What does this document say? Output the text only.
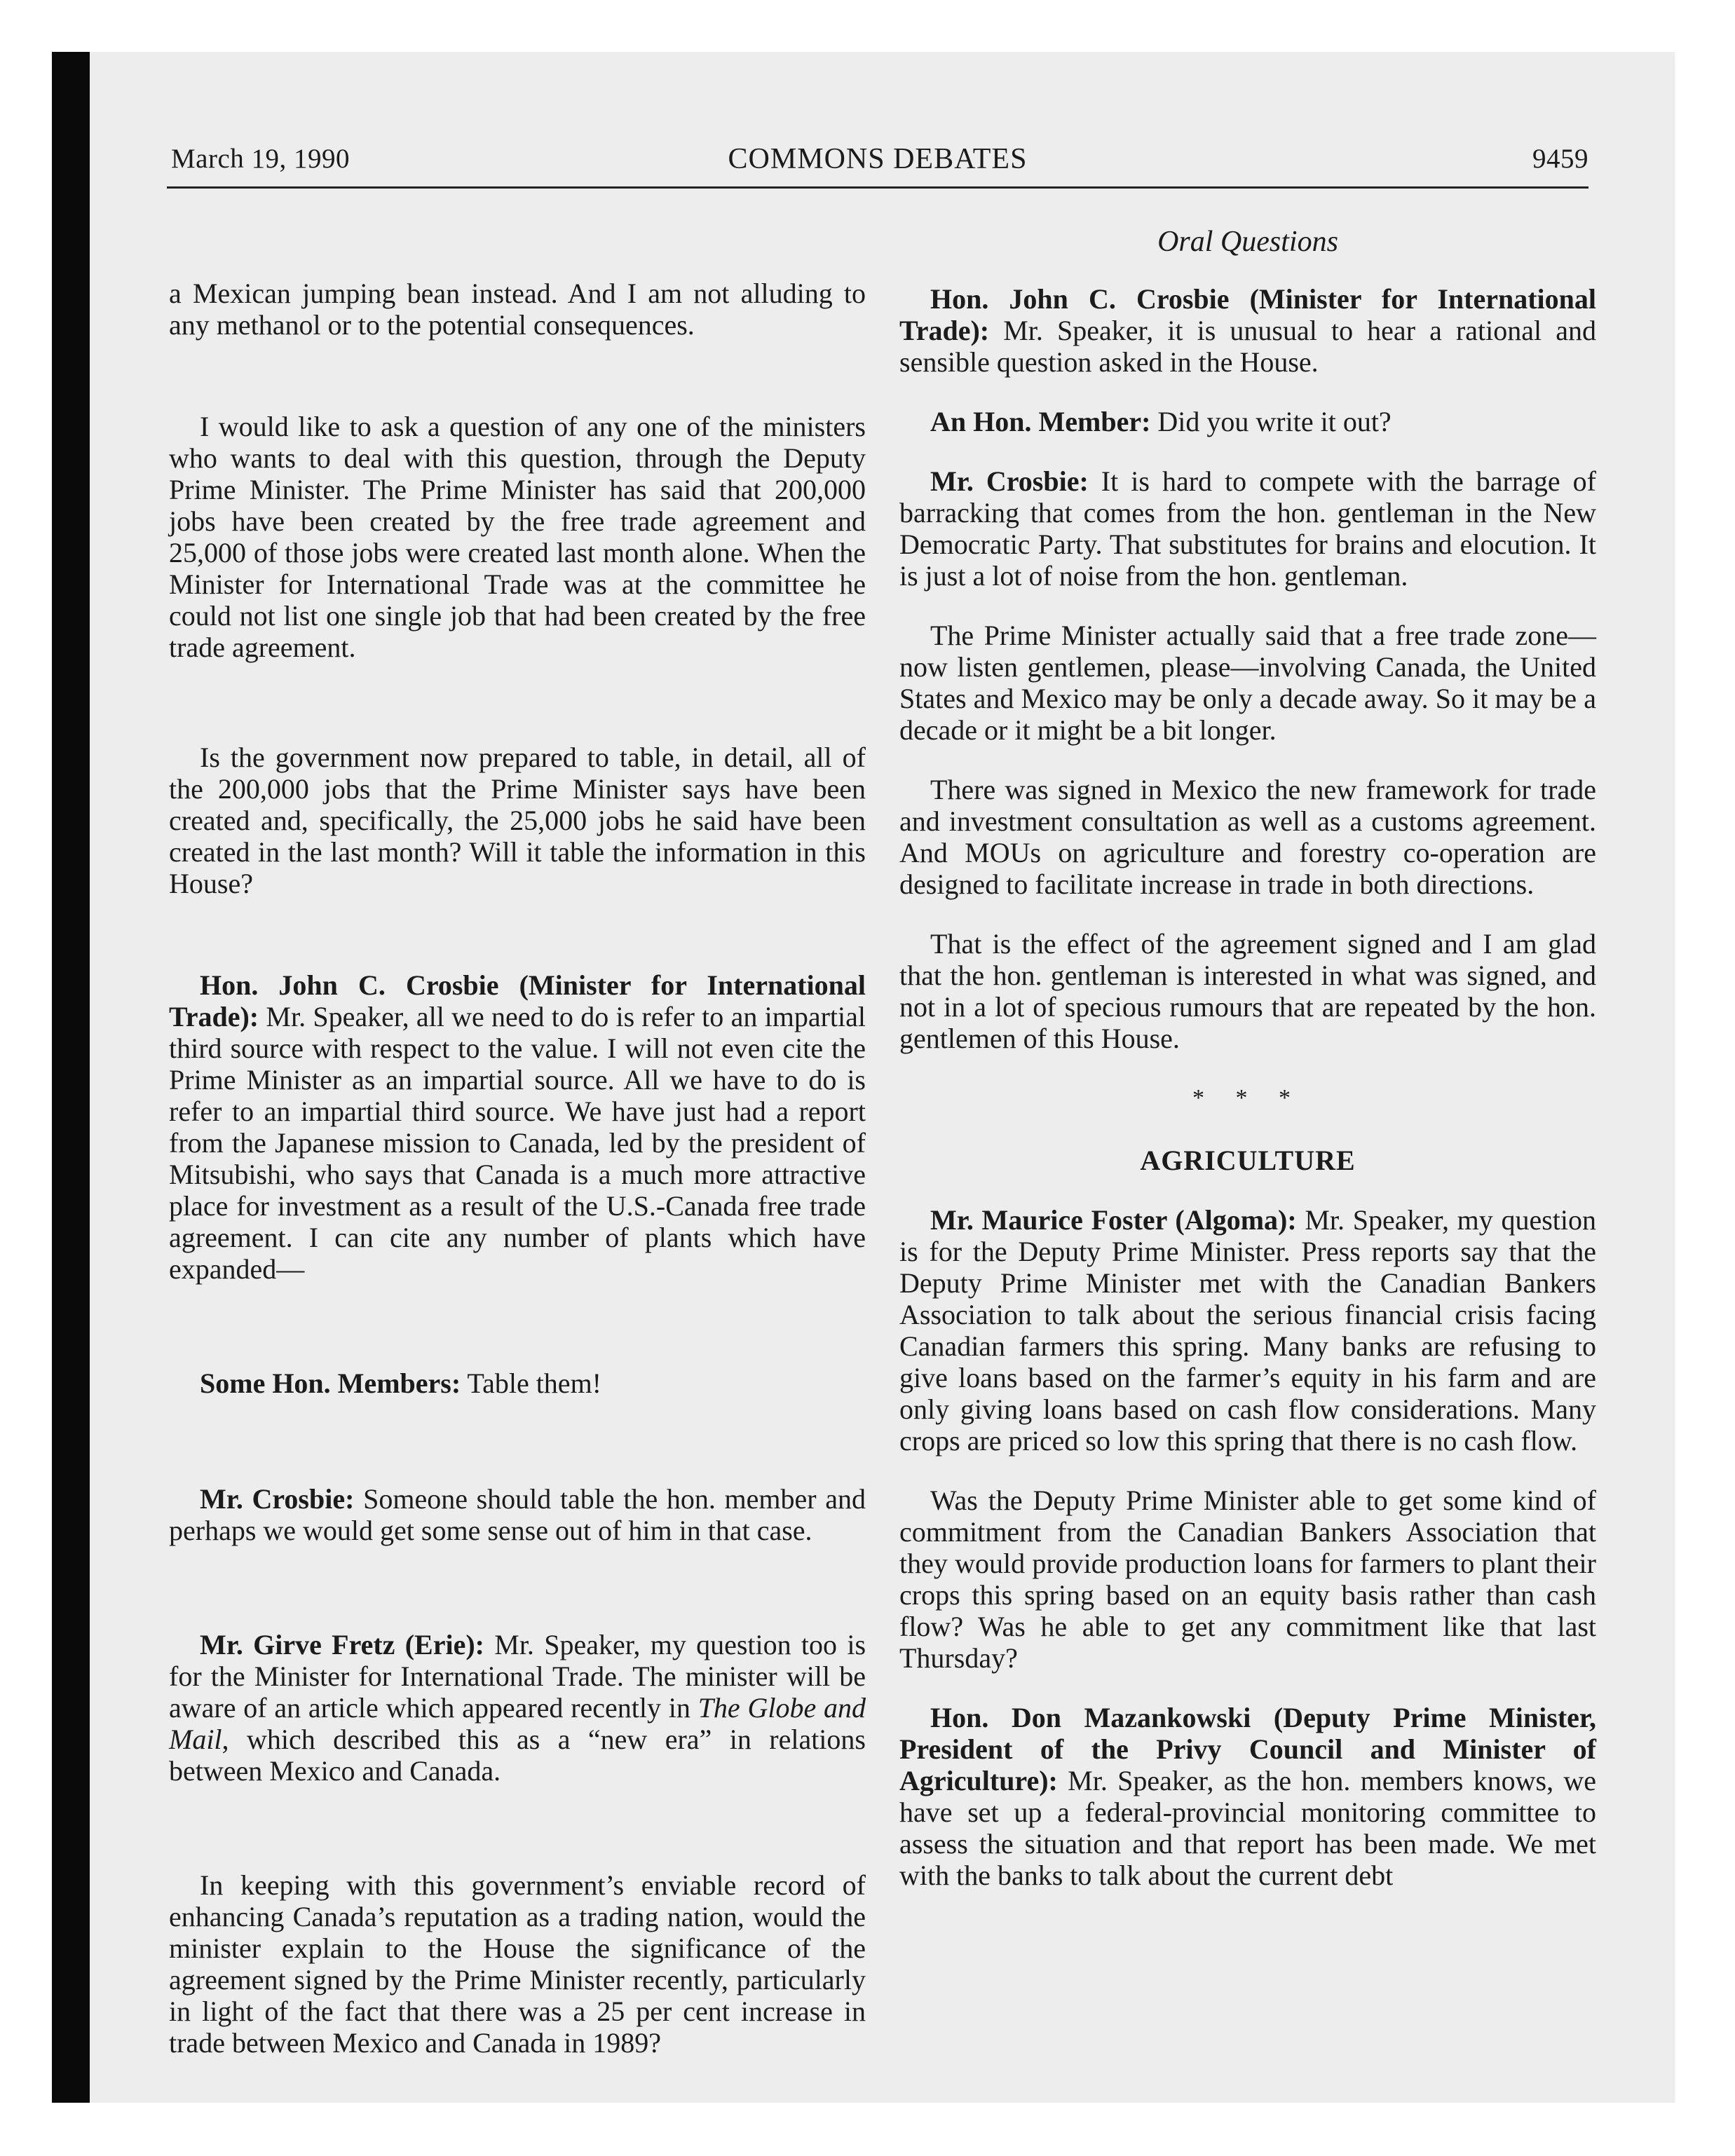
COMMONS DEBATES
March 19, 1990	9459

a Mexican jumping bean instead. And I am not alluding to any methanol or to the potential consequences.

I would like to ask a question of any one of the ministers who wants to deal with this question, through the Deputy Prime Minister. The Prime Minister has said that 200,000 jobs have been created by the free trade agreement and 25,000 of those jobs were created last month alone. When the Minister for International Trade was at the committee he could not list one single job that had been created by the free trade agreement.

Is the government now prepared to table, in detail, all of the 200,000 jobs that the Prime Minister says have been created and, specifically, the 25,000 jobs he said have been created in the last month? Will it table the information in this House?

Hon. John C. Crosbie (Minister for International Trade): Mr. Speaker, all we need to do is refer to an impartial third source with respect to the value. I will not even cite the Prime Minister as an impartial source. All we have to do is refer to an impartial third source. We have just had a report from the Japanese mission to Canada, led by the president of Mitsubishi, who says that Canada is a much more attractive place for investment as a result of the U.S.-Canada free trade agreement. I can cite any number of plants which have expanded—

Some Hon. Members: Table them!

Mr. Crosbie: Someone should table the hon. member and perhaps we would get some sense out of him in that case.

Mr. Girve Fretz (Erie): Mr. Speaker, my question too is for the Minister for International Trade. The minister will be aware of an article which appeared recently in The Globe and Mail, which described this as a “new era” in relations between Mexico and Canada.

In keeping with this government’s enviable record of enhancing Canada’s reputation as a trading nation, would the minister explain to the House the significance of the agreement signed by the Prime Minister recently, particularly in light of the fact that there was a 25 per cent increase in trade between Mexico and Canada in 1989?

Oral Questions

Hon. John C. Crosbie (Minister for International Trade): Mr. Speaker, it is unusual to hear a rational and sensible question asked in the House.

An Hon. Member: Did you write it out?

Mr. Crosbie: It is hard to compete with the barrage of barracking that comes from the hon. gentleman in the New Democratic Party. That substitutes for brains and elocution. It is just a lot of noise from the hon. gentleman.

The Prime Minister actually said that a free trade zone—now listen gentlemen, please—involving Canada, the United States and Mexico may be only a decade away. So it may be a decade or it might be a bit longer.

There was signed in Mexico the new framework for trade and investment consultation as well as a customs agreement. And MOUs on agriculture and forestry co-operation are designed to facilitate increase in trade in both directions.

That is the effect of the agreement signed and I am glad that the hon. gentleman is interested in what was signed, and not in a lot of specious rumours that are repeated by the hon. gentlemen of this House.

* * *
AGRICULTURE

Mr. Maurice Foster (Algoma): Mr. Speaker, my question is for the Deputy Prime Minister. Press reports say that the Deputy Prime Minister met with the Canadian Bankers Association to talk about the serious financial crisis facing Canadian farmers this spring. Many banks are refusing to give loans based on the farmer’s equity in his farm and are only giving loans based on cash flow considerations. Many crops are priced so low this spring that there is no cash flow.

Was the Deputy Prime Minister able to get some kind of commitment from the Canadian Bankers Association that they would provide production loans for farmers to plant their crops this spring based on an equity basis rather than cash flow? Was he able to get any commitment like that last Thursday?

Hon. Don Mazankowski (Deputy Prime Minister, President of the Privy Council and Minister of Agriculture): Mr. Speaker, as the hon. members knows, we have set up a federal-provincial monitoring committee to assess the situation and that report has been made. We met with the banks to talk about the current debt
